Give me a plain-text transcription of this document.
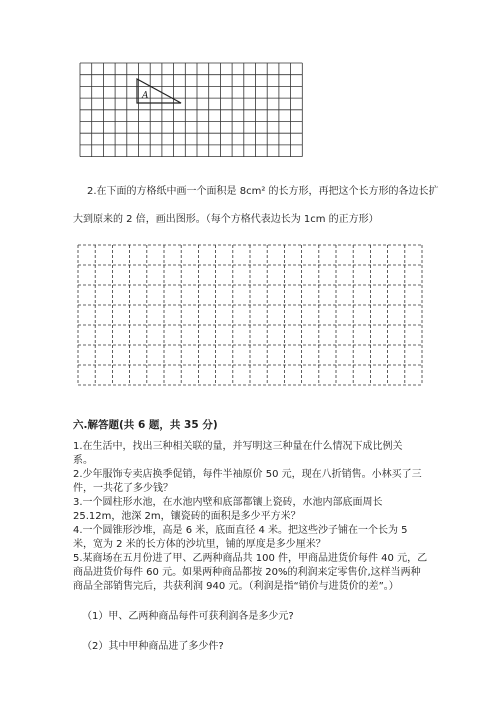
A
2.在下面的方格纸中画一个面积是 8cm² 的长方形，再把这个长方形的各边长扩
大到原来的 2 倍，画出图形。（每个方格代表边长为 1cm 的正方形）
六.解答题(共 6 题，共 35 分)
1.在生活中，找出三种相关联的量，并写明这三种量在什么情况下成比例关
系。
2.少年服饰专卖店换季促销，每件半袖原价 50 元，现在八折销售。小林买了三
件，一共花了多少钱？
3.一个圆柱形水池，在水池内壁和底部都镶上瓷砖，水池内部底面周长
25.12m，池深 2m，镶瓷砖的面积是多少平方米？
4.一个圆锥形沙堆，高是 6 米，底面直径 4 米。把这些沙子铺在一个长为 5
米，宽为 2 米的长方体的沙坑里，铺的厚度是多少厘米？
5.某商场在五月份进了甲、乙两种商品共 100 件，甲商品进货价每件 40 元，乙
商品进货价每件 60 元。如果两种商品都按 20%的利润来定零售价,这样当两种
商品全部销售完后，共获利润 940 元。（利润是指“销价与进货价的差”。）
（1）甲、乙两种商品每件可获利润各是多少元?
（2）其中甲种商品进了多少件?
